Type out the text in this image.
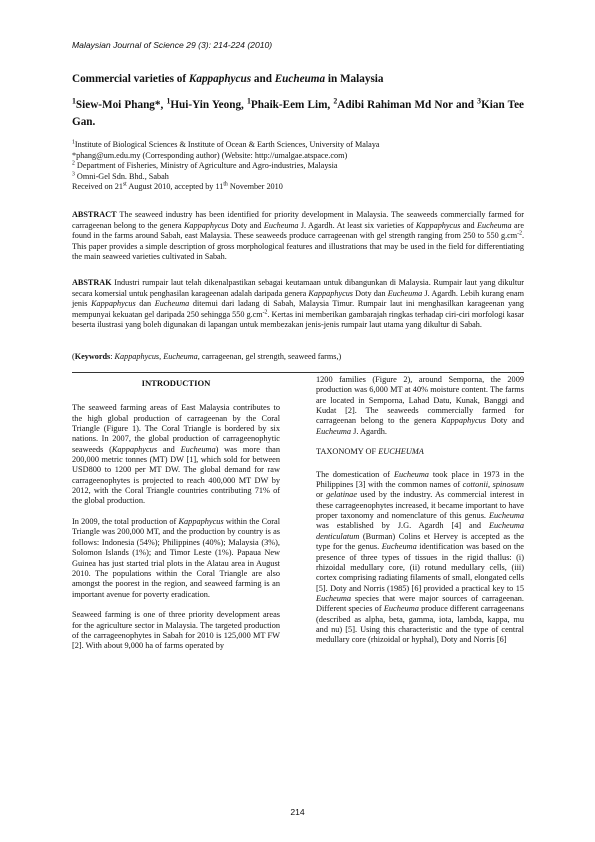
Malaysian Journal of Science 29 (3): 214-224 (2010)
Commercial varieties of Kappaphycus and Eucheuma in Malaysia
$^1$Siew-Moi Phang*, $^1$Hui-Yin Yeong, $^1$Phaik-Eem Lim, $^2$Adibi Rahiman Md Nor and $^3$Kian Tee Gan.
$^1$Institute of Biological Sciences & Institute of Ocean & Earth Sciences, University of Malaya
*phang@um.edu.my (Corresponding author) (Website: http://umalgae.atspace.com)
$^2$ Department of Fisheries, Ministry of Agriculture and Agro-industries, Malaysia
$^3$ Omni-Gel Sdn. Bhd., Sabah
Received on 21st August 2010, accepted by 11th November 2010
ABSTRACT The seaweed industry has been identified for priority development in Malaysia. The seaweeds commercially farmed for carrageenan belong to the genera Kappaphycus Doty and Eucheuma J. Agardh. At least six varieties of Kappaphycus and Eucheuma are found in the farms around Sabah, east Malaysia. These seaweeds produce carrageenan with gel strength ranging from 250 to 550 $g.cm^{-2}$. This paper provides a simple description of gross morphological features and illustrations that may be used in the field for differentiating the main seaweed varieties cultivated in Sabah.
ABSTRAK Industri rumpair laut telah dikenalpastikan sebagai keutamaan untuk dibangunkan di Malaysia. Rumpair laut yang dikultur secara komersial untuk penghasilan karageenan adalah daripada genera Kappaphycus Doty dan Eucheuma J. Agardh. Lebih kurang enam jenis Kappaphycus dan Eucheuma ditemui dari ladang di Sabah, Malaysia Timur. Rumpair laut ini menghasilkan karageenan yang mempunyai kekuatan gel daripada 250 sehingga 550 $g.cm^{-2}$. Kertas ini memberikan gambarajah ringkas terhadap ciri-ciri morfologi kasar beserta ilustrasi yang boleh digunakan di lapangan untuk membezakan jenis-jenis rumpair laut utama yang dikultur di Sabah.
(Keywords: Kappaphycus, Eucheuma, carrageenan, gel strength, seaweed farms,)
INTRODUCTION

The seaweed farming areas of East Malaysia contributes to the high global production of carrageenan by the Coral Triangle (Figure 1). The Coral Triangle is bordered by six nations. In 2007, the global production of carrageenophytic seaweeds (Kappaphycus and Eucheuma) was more than 200,000 metric tonnes (MT) DW [1], which sold for between USD800 to 1200 per MT DW. The global demand for raw carrageenophytes is projected to reach 400,000 MT DW by 2012, with the Coral Triangle countries contributing 71% of the global production.

In 2009, the total production of Kappaphycus within the Coral Triangle was 200,000 MT, and the production by country is as follows: Indonesia (54%); Philippines (40%); Malaysia (3%), Solomon Islands (1%); and Timor Leste (1%). Papaua New Guinea has just started trial plots in the Alatau area in August 2010. The populations within the Coral Triangle are also amongst the poorest in the region, and seaweed farming is an important avenue for poverty eradication.

Seaweed farming is one of three priority development areas for the agriculture sector in Malaysia. The targeted production of the carrageenophytes in Sabah for 2010 is 125,000 MT FW [2]. With about 9,000 ha of farms operated by

1200 families (Figure 2), around Semporna, the 2009 production was 6,000 MT at 40% moisture content. The farms are located in Semporna, Lahad Datu, Kunak, Banggi and Kudat [2]. The seaweeds commercially farmed for carrageenan belong to the genera Kappaphycus Doty and Eucheuma J. Agardh.

TAXONOMY OF EUCHEUMA

The domestication of Eucheuma took place in 1973 in the Philippines [3] with the common names of cottonii, spinosum or gelatinae used by the industry. As commercial interest in these carrageenophytes increased, it became important to have proper taxonomy and nomenclature of this genus. Eucheuma was established by J.G. Agardh [4] and Eucheuma denticulatum (Burman) Colins et Hervey is accepted as the type for the genus. Eucheuma identification was based on the presence of three types of tissues in the rigid thallus: (i) rhizoidal medullary core, (ii) rotund medullary cells, (iii) cortex comprising radiating filaments of small, elongated cells [5]. Doty and Norris (1985) [6] provided a practical key to 15 Eucheuma species that were major sources of carrageenan. Different species of Eucheuma produce different carrageenans (described as alpha, beta, gamma, iota, lambda, kappa, mu and nu) [5]. Using this characteristic and the type of central medullary core (rhizoidal or hyphal), Doty and Norris [6]

214
